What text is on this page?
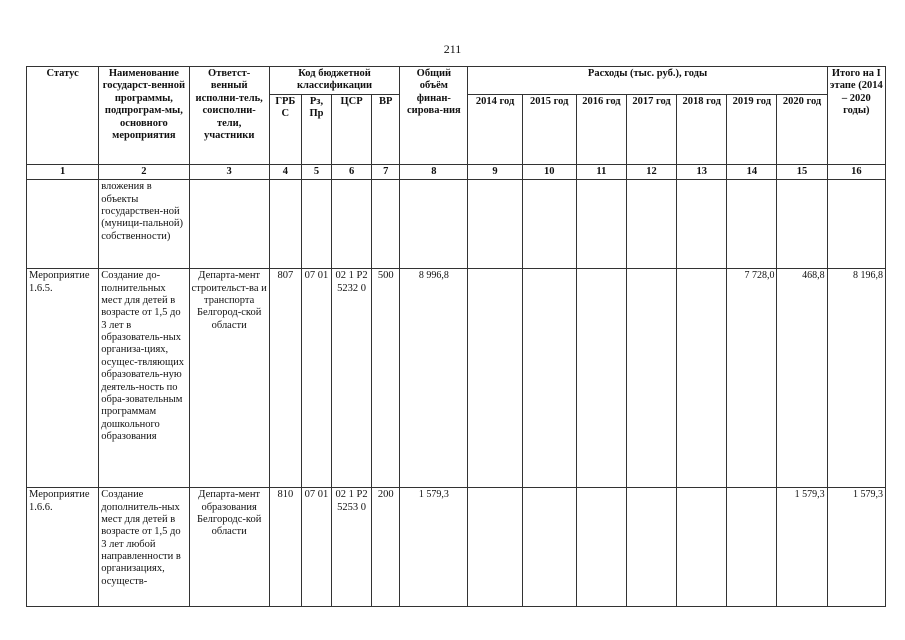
211
Статус	Наименование государст-венной программы, подпрограм-мы, основного мероприятия	Ответст-венный исполни-тель, соисполни-тели, участники	Код бюджетной классификации				Общий объём финан-сирова-ния	Расходы (тыс. руб.), годы							Итого на I этапе (2014 – 2020 годы)
			ГРБ С	Рз, Пр	ЦСР	ВР		2014 год	2015 год	2016 год	2017 год	2018 год	2019 год	2020 год	
1	2	3	4	5	6	7	8	9	10	11	12	13	14	15	16
	вложения в объекты государствен-ной (муници-пальной) собственности)														
Мероприятие 1.6.5.	Создание до-полнительных мест для детей в возрасте от 1,5 до 3 лет в образователь-ных организа-циях, осущес-твляющих образователь-ную деятель-ность по обра-зовательным программам дошкольного образования	Департа-мент строительст-ва и транспорта Белгород-ской области	807	07 01	02 1 P2 5232 0	500	8 996,8						7 728,0	468,8	8 196,8
Мероприятие 1.6.6.	Создание дополнитель-ных мест для детей в возрасте от 1,5 до 3 лет любой направленности в организациях, осуществ-	Департа-мент образования Белгородс-кой области	810	07 01	02 1 P2 5253 0	200	1 579,3							1 579,3	1 579,3
